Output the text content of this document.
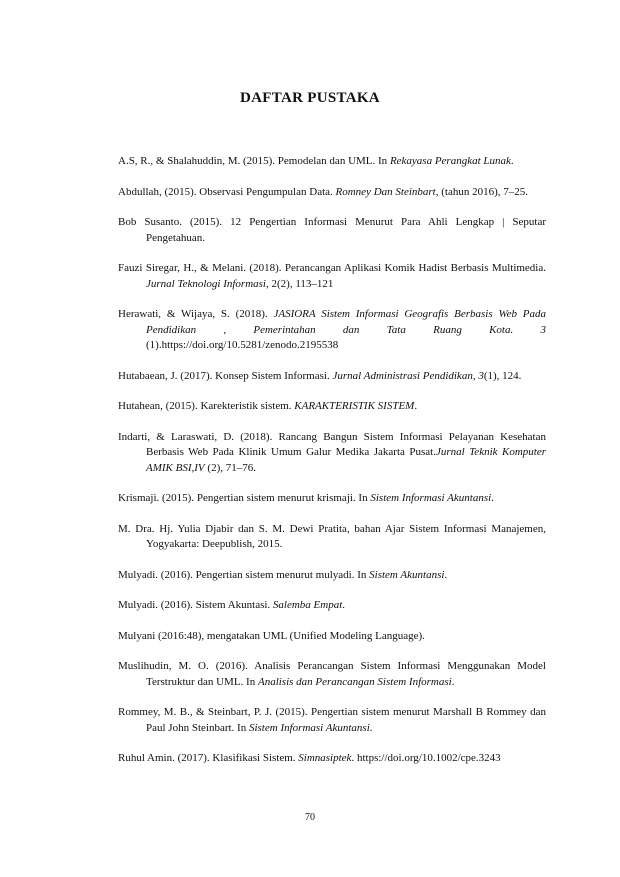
DAFTAR PUSTAKA
A.S, R., & Shalahuddin, M. (2015). Pemodelan dan UML. In Rekayasa Perangkat Lunak.
Abdullah, (2015). Observasi Pengumpulan Data. Romney Dan Steinbart, (tahun 2016), 7–25.
Bob Susanto. (2015). 12 Pengertian Informasi Menurut Para Ahli Lengkap | Seputar Pengetahuan.
Fauzi Siregar, H., & Melani. (2018). Perancangan Aplikasi Komik Hadist Berbasis Multimedia. Jurnal Teknologi Informasi, 2(2), 113–121
Herawati, & Wijaya, S. (2018). JASIORA Sistem Informasi Geografis Berbasis Web Pada Pendidikan , Pemerintahan dan Tata Ruang Kota. 3 (1).https://doi.org/10.5281/zenodo.2195538
Hutabaean, J. (2017). Konsep Sistem Informasi. Jurnal Administrasi Pendidikan, 3(1), 124.
Hutahean, (2015). Karekteristik sistem. KARAKTERISTIK SISTEM.
Indarti, & Laraswati, D. (2018). Rancang Bangun Sistem Informasi Pelayanan Kesehatan Berbasis Web Pada Klinik Umum Galur Medika Jakarta Pusat.Jurnal Teknik Komputer AMIK BSI,IV (2), 71–76.
Krismaji. (2015). Pengertian sistem menurut krismaji. In Sistem Informasi Akuntansi.
M. Dra. Hj. Yulia Djabir dan S. M. Dewi Pratita, bahan Ajar Sistem Informasi Manajemen, Yogyakarta: Deepublish, 2015.
Mulyadi. (2016). Pengertian sistem menurut mulyadi. In Sistem Akuntansi.
Mulyadi. (2016). Sistem Akuntasi. Salemba Empat.
Mulyani (2016:48), mengatakan UML (Unified Modeling Language).
Muslihudin, M. O. (2016). Analisis Perancangan Sistem Informasi Menggunakan Model Terstruktur dan UML. In Analisis dan Perancangan Sistem Informasi.
Rommey, M. B., & Steinbart, P. J. (2015). Pengertian sistem menurut Marshall B Rommey dan Paul John Steinbart. In Sistem Informasi Akuntansi.
Ruhul Amin. (2017). Klasifikasi Sistem. Simnasiptek. https://doi.org/10.1002/cpe.3243
70
